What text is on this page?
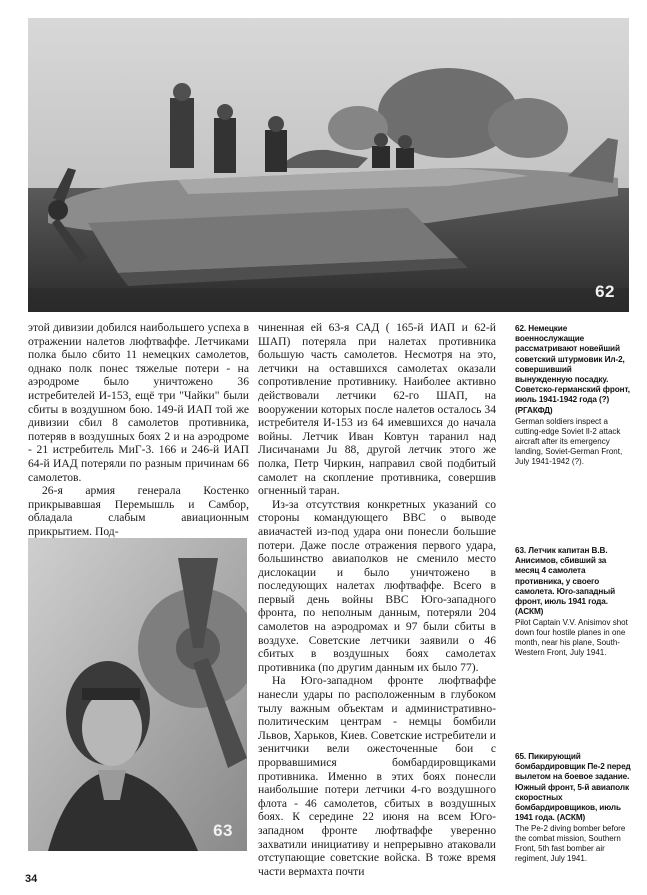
62
63

этой дивизии добился наибольшего успеха в отражении налетов люфтваффе. Летчиками полка было сбито 11 немецких самолетов, однако полк понес тяжелые потери - на аэродроме было уничтожено 36 истребителей И-153, ещё три "Чайки" были сбиты в воздушном бою. 149-й ИАП той же дивизии сбил 8 самолетов противника, потеряв в воздушных боях 2 и на аэродроме - 21 истребитель МиГ-3. 166 и 246-й ИАП 64-й ИАД потеряли по разным причинам 66 самолетов.

26-я армия генерала Костенко прикрывавшая Перемышль и Самбор, обладала слабым авиационным прикрытием. Под-

чиненная ей 63-я САД ( 165-й ИАП и 62-й ШАП) потеряла при налетах противника большую часть самолетов. Несмотря на это, летчики на оставшихся самолетах оказали сопротивление противнику. Наиболее активно действовали летчики 62-го ШАП, на вооружении которых после налетов осталось 34 истребителя И-153 из 64 имевшихся до начала войны. Летчик Иван Ковтун таранил над Лисичанами Ju 88, другой летчик этого же полка, Петр Чиркин, направил свой подбитый самолет на скопление противника, совершив огненный таран.

Из-за отсутствия конкретных указаний со стороны командующего ВВС о выводе авиачастей из-под удара они понесли большие потери. Даже после отражения первого удара, большинство авиаполков не сменило место дислокации и было уничтожено в последующих налетах люфтваффе. Всего в первый день войны ВВС Юго-западного фронта, по неполным данным, потеряли 204 самолетов на аэродромах и 97 были сбиты в воздухе. Советские летчики заявили о 46 сбитых в воздушных боях самолетах противника (по другим данным их было 77).

На Юго-западном фронте люфтваффе нанесли удары по расположенным в глубоком тылу важным объектам и административно-политическим центрам - немцы бомбили Львов, Харьков, Киев. Советские истребители и зенитчики вели ожесточенные бои с прорвавшимися бомбардировщиками противника. Именно в этих боях понесли наибольшие потери летчики 4-го воздушного флота - 46 самолетов, сбитых в воздушных боях. К середине 22 июня на всем Юго-западном фронте люфтваффе уверенно захватили инициативу и непрерывно атаковали отступающие советские войска. В тоже время части вермахта почти

62. Немецкие военнослужащие рассматривают новейший советский штурмовик Ил-2, совершивший вынужденную посадку. Советско-германский фронт, июль 1941-1942 года (?) (РГАКФД)
German soldiers inspect a cutting-edge Soviet Il-2 attack aircraft after its emergency landing, Soviet-German Front, July 1941-1942 (?).
63. Летчик капитан В.В. Анисимов, сбивший за месяц 4 самолета противника, у своего самолета. Юго-западный фронт, июль 1941 года. (АСКМ)
Pilot Captain V.V. Anisimov shot down four hostile planes in one month, near his plane, South-Western Front, July 1941.
65. Пикирующий бомбардировщик Пе-2 перед вылетом на боевое задание. Южный фронт, 5-й авиаполк скоростных бомбардировщиков, июль 1941 года. (АСКМ)
The Pe-2 diving bomber before the combat mission, Southern Front, 5th fast bomber air regiment, July 1941.
34
